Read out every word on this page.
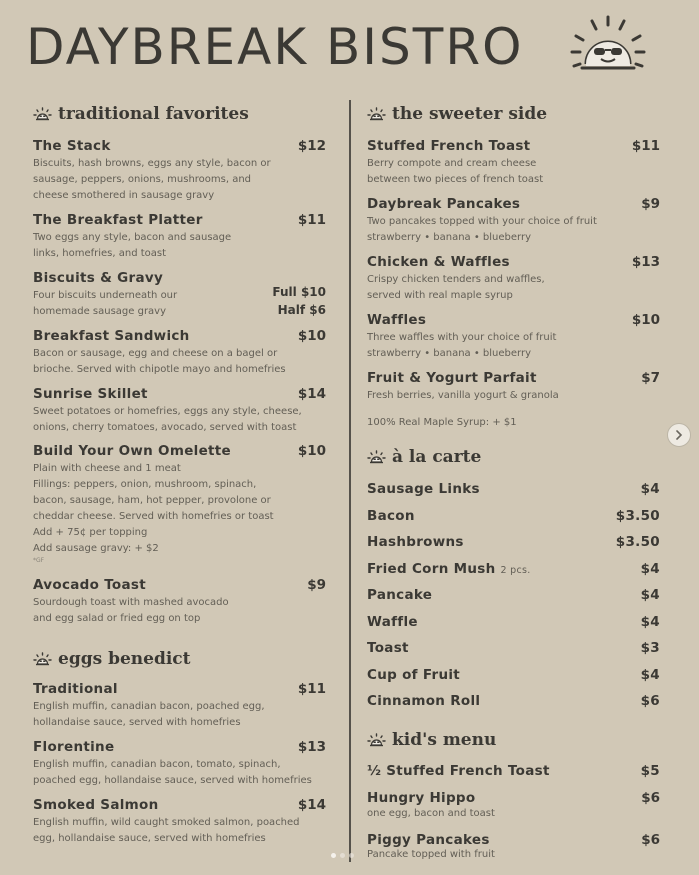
DAYBREAK BISTRO
traditional favorites
The Stack	$12
Biscuits, hash browns, eggs any style, bacon or sausage, peppers, onions, mushrooms, and cheese smothered in sausage gravy
The Breakfast Platter	$11
Two eggs any style, bacon and sausage links, homefries, and toast
Biscuits & Gravy
Four biscuits underneath our homemade sausage gravy
Full $10
Half $6
Breakfast Sandwich	$10
Bacon or sausage, egg and cheese on a bagel or brioche. Served with chipotle mayo and homefries
Sunrise Skillet	$14
Sweet potatoes or homefries, eggs any style, cheese, onions, cherry tomatoes, avocado, served with toast
Build Your Own Omelette	$10
Plain with cheese and 1 meat
Fillings: peppers, onion, mushroom, spinach, bacon, sausage, ham, hot pepper, provolone or cheddar cheese. Served with homefries or toast
Add + 75¢ per topping
Add sausage gravy: + $2
*GF
Avocado Toast	$9
Sourdough toast with mashed avocado and egg salad or fried egg on top
eggs benedict
Traditional	$11
English muffin, canadian bacon, poached egg, hollandaise sauce, served with homefries
Florentine	$13
English muffin, canadian bacon, tomato, spinach, poached egg, hollandaise sauce, served with homefries
Smoked Salmon	$14
English muffin, wild caught smoked salmon, poached egg, hollandaise sauce, served with homefries
the sweeter side
Stuffed French Toast	$11
Berry compote and cream cheese between two pieces of french toast
Daybreak Pancakes	$9
Two pancakes topped with your choice of fruit
strawberry • banana • blueberry
Chicken & Waffles	$13
Crispy chicken tenders and waffles, served with real maple syrup
Waffles	$10
Three waffles with your choice of fruit
strawberry • banana • blueberry
Fruit & Yogurt Parfait	$7
Fresh berries, vanilla yogurt & granola
100% Real Maple Syrup: + $1
à la carte
Sausage Links	$4
Bacon	$3.50
Hashbrowns	$3.50
Fried Corn Mush 2 pcs.	$4
Pancake	$4
Waffle	$4
Toast	$3
Cup of Fruit	$4
Cinnamon Roll	$6
kid's menu
½ Stuffed French Toast	$5
Hungry Hippo	$6
one egg, bacon and toast
Piggy Pancakes	$6
Pancake topped with fruit
